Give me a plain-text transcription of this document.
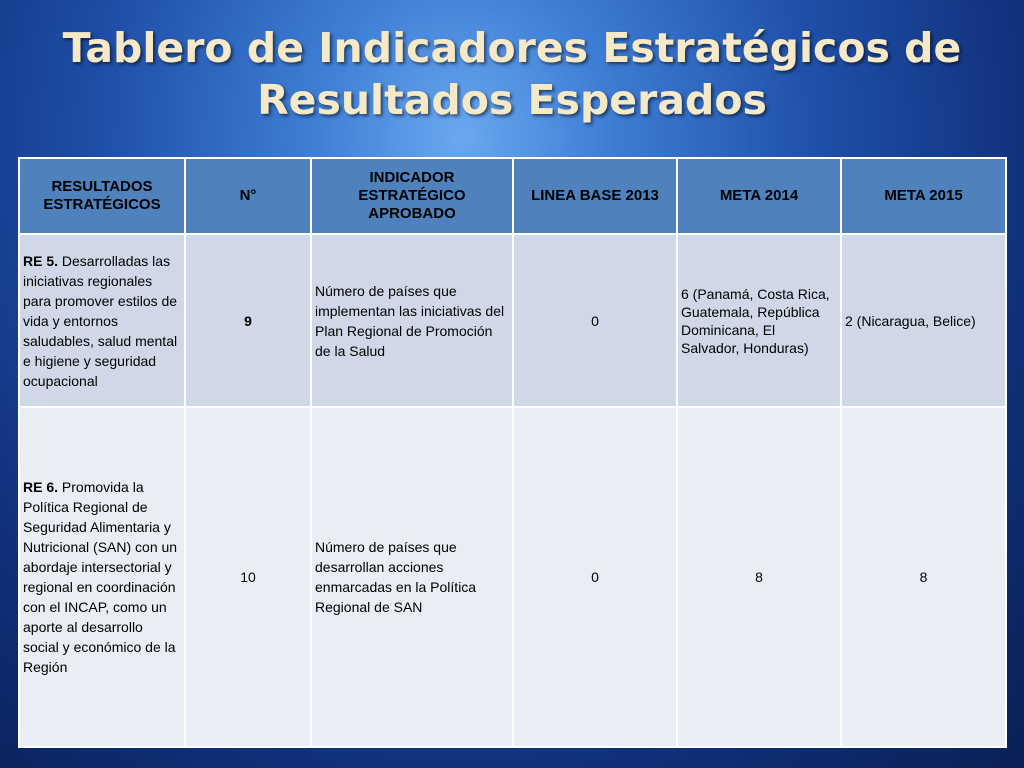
Tablero de Indicadores Estratégicos de
Resultados Esperados
RESULTADOS ESTRATÉGICOS	N°	INDICADOR ESTRATÉGICO APROBADO	LINEA BASE 2013	META 2014	META 2015
RE 5. Desarrolladas las iniciativas regionales para promover estilos de vida y entornos saludables, salud mental e higiene y seguridad ocupacional	9	Número de países que implementan las iniciativas del Plan Regional de Promoción de la Salud	0	6 (Panamá, Costa Rica, Guatemala, República Dominicana, El Salvador, Honduras)	2 (Nicaragua, Belice)
RE 6. Promovida la Política Regional de Seguridad Alimentaria y Nutricional (SAN) con un abordaje intersectorial y regional en coordinación con el INCAP, como un aporte al desarrollo social y económico de la Región	10	Número de países que desarrollan acciones enmarcadas en la Política Regional de SAN	0	8	8
